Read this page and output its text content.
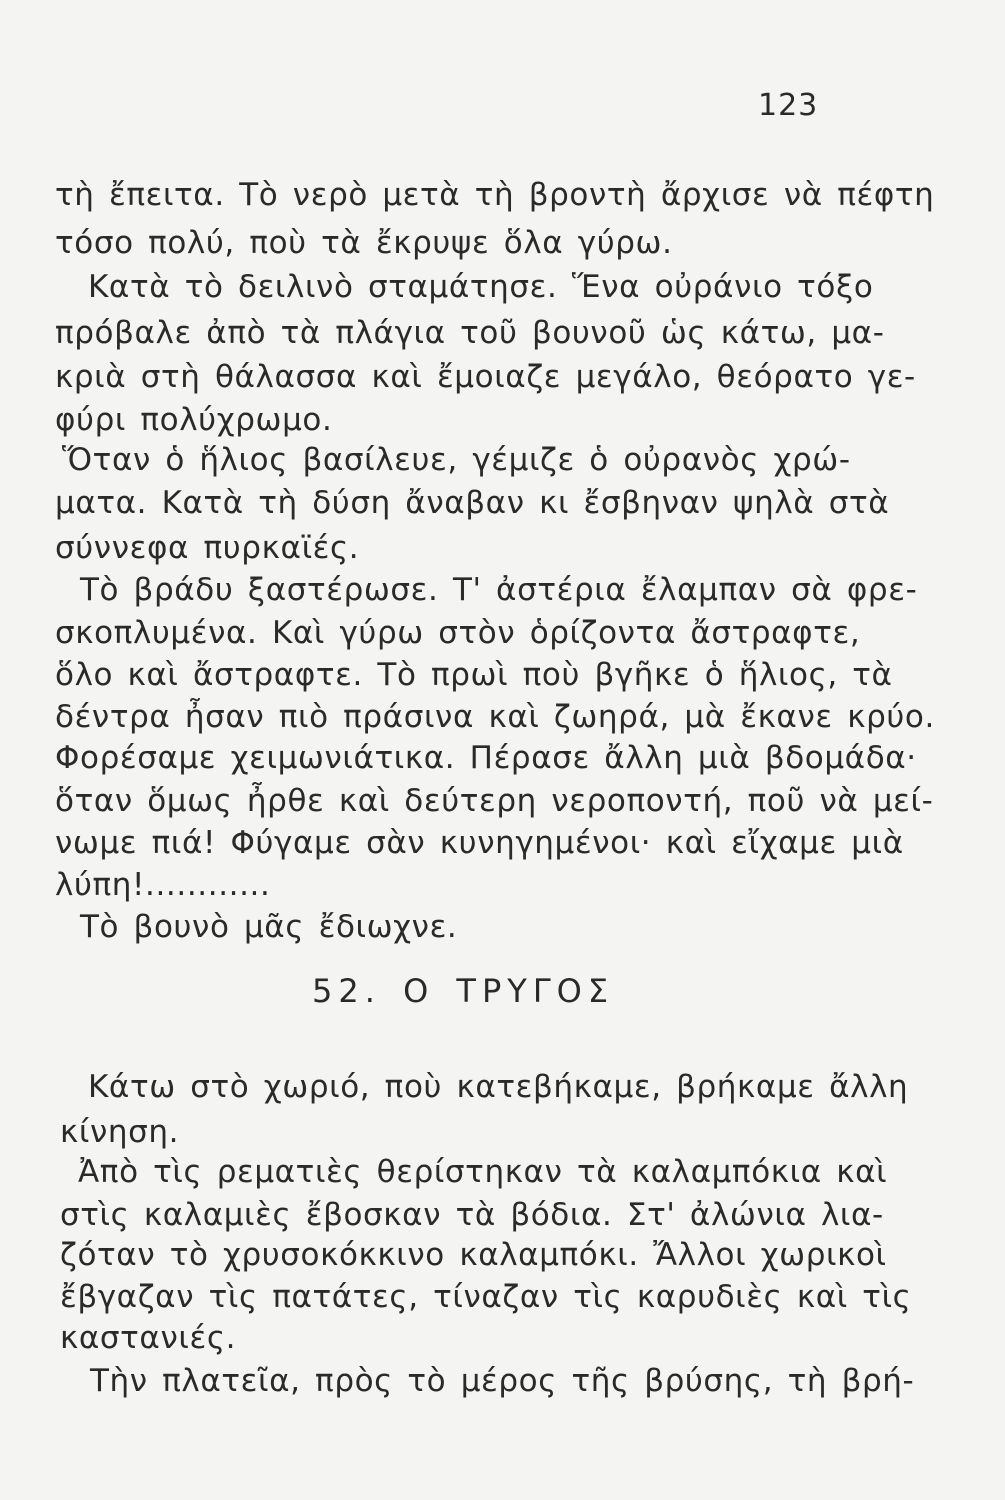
123
τὴ ἔπειτα. Τὸ νερὸ μετὰ τὴ βροντὴ ἄρχισε νὰ πέφτη
τόσο πολύ, ποὺ τὰ ἔκρυψε ὅλα γύρω.
Κατὰ τὸ δειλινὸ σταμάτησε. Ἕνα οὐράνιο τόξο
πρόβαλε ἀπὸ τὰ πλάγια τοῦ βουνοῦ ὡς κάτω, μα-
κριὰ στὴ θάλασσα καὶ ἔμοιαζε μεγάλο, θεόρατο γε-
φύρι πολύχρωμο.
Ὅταν ὁ ἥλιος βασίλευε, γέμιζε ὁ οὐρανὸς χρώ-
ματα. Κατὰ τὴ δύση ἄναβαν κι ἔσβηναν ψηλὰ στὰ
σύννεφα πυρκαϊές.
Τὸ βράδυ ξαστέρωσε. Τ' ἀστέρια ἔλαμπαν σὰ φρε-
σκοπλυμένα. Καὶ γύρω στὸν ὁρίζοντα ἄστραφτε,
ὅλο καὶ ἄστραφτε. Τὸ πρωὶ ποὺ βγῆκε ὁ ἥλιος, τὰ
δέντρα ἦσαν πιὸ πράσινα καὶ ζωηρά, μὰ ἔκανε κρύο.
Φορέσαμε χειμωνιάτικα. Πέρασε ἄλλη μιὰ βδομάδα·
ὅταν ὅμως ἦρθε καὶ δεύτερη νεροποντή, ποῦ νὰ μεί-
νωμε πιά! Φύγαμε σὰν κυνηγημένοι· καὶ εἴχαμε μιὰ
λύπη!............
Τὸ βουνὸ μᾶς ἔδιωχνε.
52. Ο ΤΡΥΓΟΣ
Κάτω στὸ χωριό, ποὺ κατεβήκαμε, βρήκαμε ἄλλη
κίνηση.
Ἀπὸ τὶς ρεματιὲς θερίστηκαν τὰ καλαμπόκια καὶ
στὶς καλαμιὲς ἔβοσκαν τὰ βόδια. Στ' ἀλώνια λια-
ζόταν τὸ χρυσοκόκκινο καλαμπόκι. Ἄλλοι χωρικοὶ
ἔβγαζαν τὶς πατάτες, τίναζαν τὶς καρυδιὲς καὶ τὶς
καστανιές.
Τὴν πλατεῖα, πρὸς τὸ μέρος τῆς βρύσης, τὴ βρή-
